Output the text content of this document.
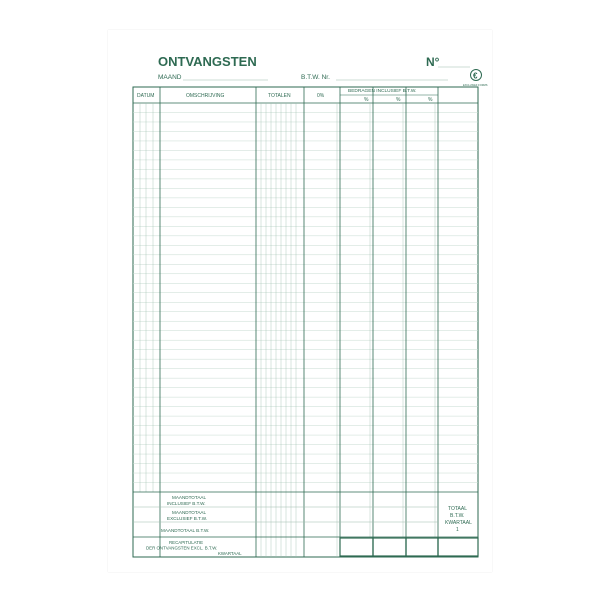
ONTVANGSTEN	N°
MAAND	B.T.W. Nr.	€
EXCLUSIEF FORMS
DATUM	OMSCHRIJVING	TOTALEN	0%
BEDRAGEN INCLUSIEF B.T.W.
%	%	%
MAANDTOTAAL
INCLUSIEF B.T.W.
MAANDTOTAAL
EXCLUSIEF B.T.W.
MAANDTOTAAL B.T.W.
RECAPITULATIE
DER ONTVANGSTEN EXCL. B.T.W.
KWARTAAL
TOTAAL
B.T.W.
KWARTAAL
1
